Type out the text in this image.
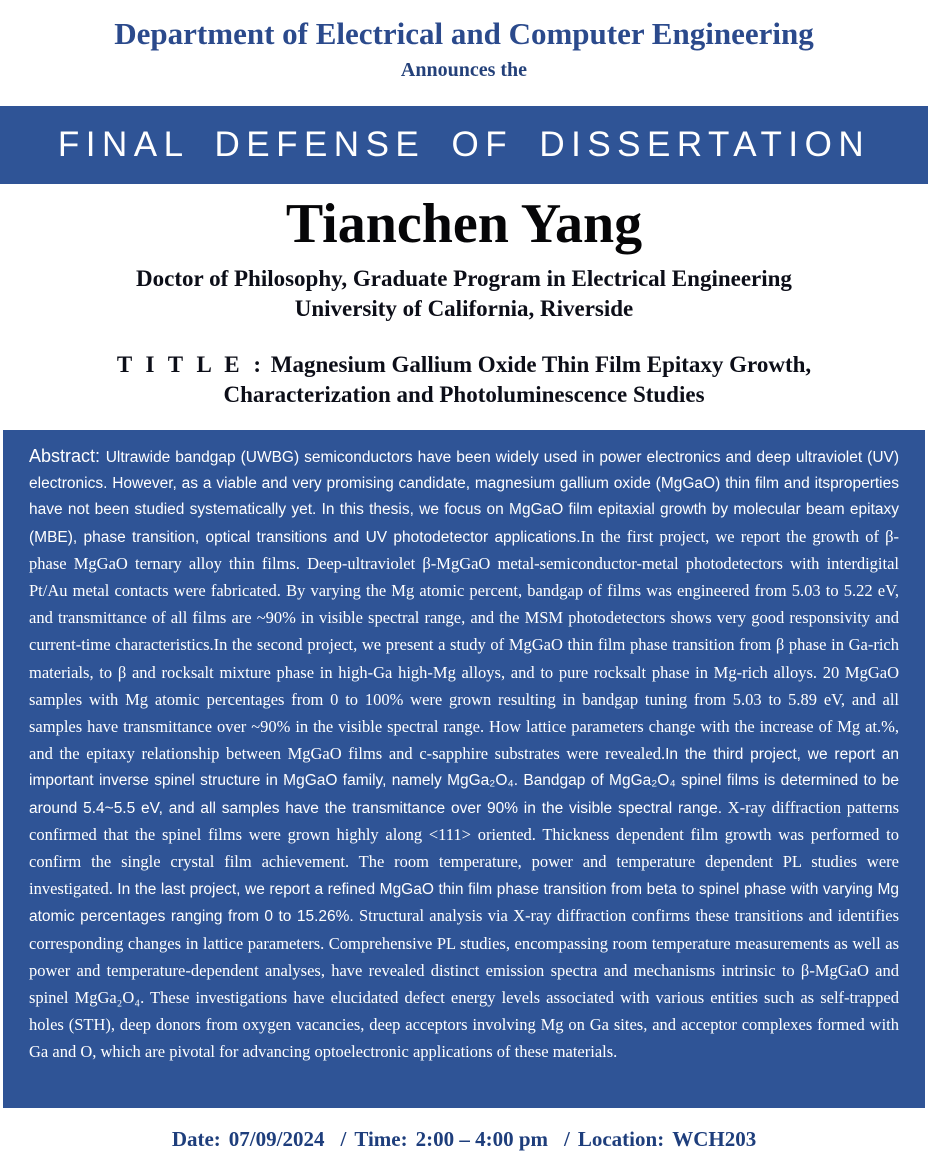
Department of Electrical and Computer Engineering
Announces the
FINAL DEFENSE OF DISSERTATION
Tianchen Yang
Doctor of Philosophy, Graduate Program in Electrical Engineering
University of California, Riverside
T I T L E : Magnesium Gallium Oxide Thin Film Epitaxy Growth,
Characterization and Photoluminescence Studies

Abstract: Ultrawide bandgap (UWBG) semiconductors have been widely used in power electronics and deep ultraviolet (UV) electronics. However, as a viable and very promising candidate, magnesium gallium oxide (MgGaO) thin film and itsproperties have not been studied systematically yet. In this thesis, we focus on MgGaO film epitaxial growth by molecular beam epitaxy (MBE), phase transition, optical transitions and UV photodetector applications.In the first project, we report the growth of β-phase MgGaO ternary alloy thin films. Deep-ultraviolet β-MgGaO metal-semiconductor-metal photodetectors with interdigital Pt/Au metal contacts were fabricated. By varying the Mg atomic percent, bandgap of films was engineered from 5.03 to 5.22 eV, and transmittance of all films are ~90% in visible spectral range, and the MSM photodetectors shows very good responsivity and current-time characteristics.In the second project, we present a study of MgGaO thin film phase transition from β phase in Ga-rich materials, to β and rocksalt mixture phase in high-Ga high-Mg alloys, and to pure rocksalt phase in Mg-rich alloys. 20 MgGaO samples with Mg atomic percentages from 0 to 100% were grown resulting in bandgap tuning from 5.03 to 5.89 eV, and all samples have transmittance over ~90% in the visible spectral range. How lattice parameters change with the increase of Mg at.%, and the epitaxy relationship between MgGaO films and c-sapphire substrates were revealed.In the third project, we report an important inverse spinel structure in MgGaO family, namely MgGa₂O₄. Bandgap of MgGa₂O₄ spinel films is determined to be around 5.4~5.5 eV, and all samples have the transmittance over 90% in the visible spectral range. X-ray diffraction patterns confirmed that the spinel films were grown highly along <111> oriented. Thickness dependent film growth was performed to confirm the single crystal film achievement. The room temperature, power and temperature dependent PL studies were investigated. In the last project, we report a refined MgGaO thin film phase transition from beta to spinel phase with varying Mg atomic percentages ranging from 0 to 15.26%. Structural analysis via X-ray diffraction confirms these transitions and identifies corresponding changes in lattice parameters. Comprehensive PL studies, encompassing room temperature measurements as well as power and temperature-dependent analyses, have revealed distinct emission spectra and mechanisms intrinsic to β-MgGaO and spinel MgGa₂O₄. These investigations have elucidated defect energy levels associated with various entities such as self-trapped holes (STH), deep donors from oxygen vacancies, deep acceptors involving Mg on Ga sites, and acceptor complexes formed with Ga and O, which are pivotal for advancing optoelectronic applications of these materials.

Date: 07/09/2024 / Time: 2:00 – 4:00 pm / Location: WCH203
